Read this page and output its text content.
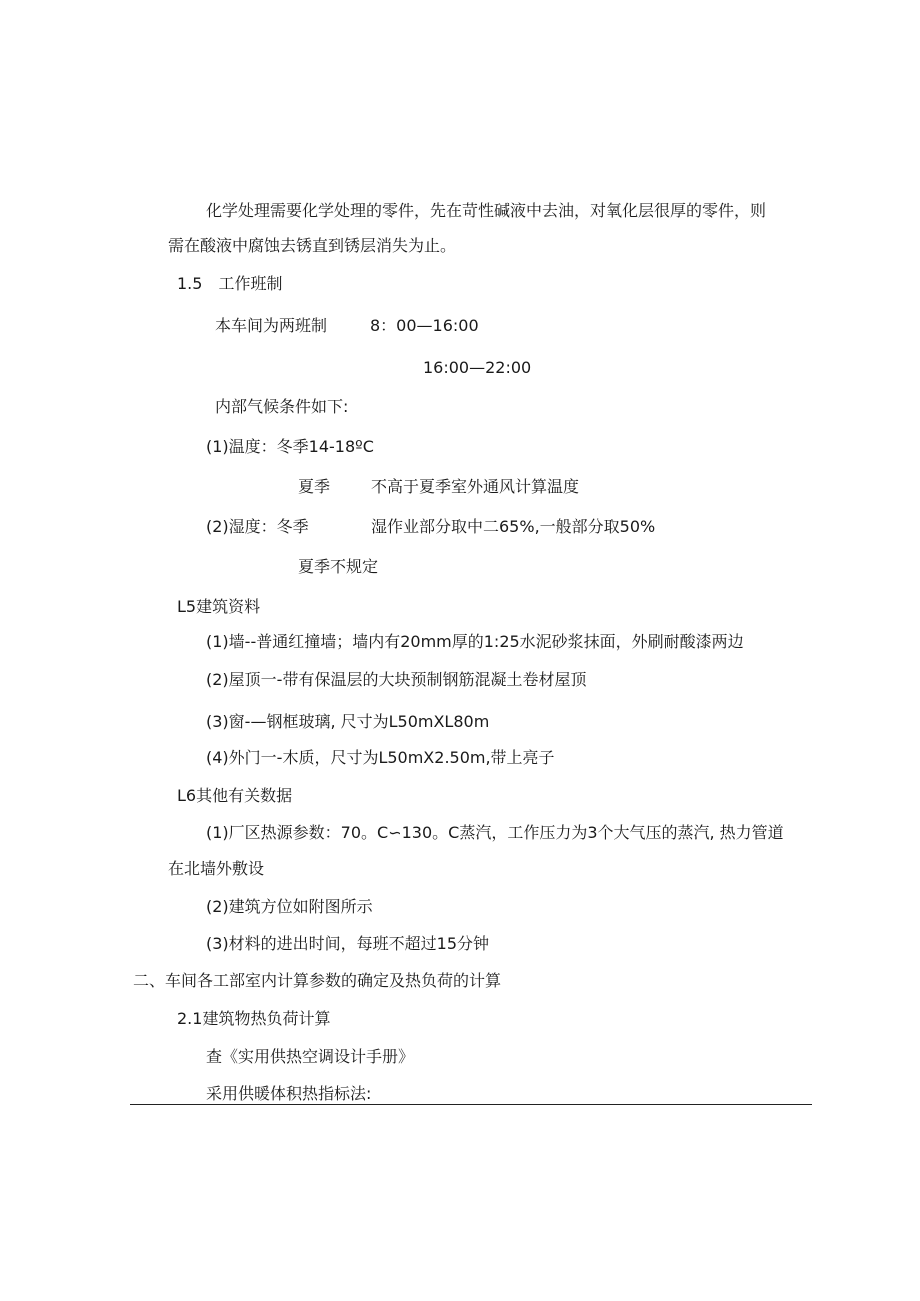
化学处理需要化学处理的零件，先在苛性碱液中去油，对氧化层很厚的零件，则
需在酸液中腐蚀去锈直到锈层消失为止。
1.5 工作班制
本车间为两班制	8：00—16:00
16:00—22:00
内部气候条件如下:
(1)温度：冬季14-18ºC
夏季	不高于夏季室外通风计算温度
(2)湿度：冬季	湿作业部分取中二65%,一般部分取50%
夏季不规定
L5建筑资料
(1)墙--普通红撞墙；墙内有20mm厚的1:25水泥砂浆抹面，外刷耐酸漆两边
(2)屋顶一-带有保温层的大块预制钢筋混凝土卷材屋顶
(3)窗-—钢框玻璃, 尺寸为L50mXL80m
(4)外门一-木质，尺寸为L50mX2.50m,带上亮子
L6其他有关数据
(1)厂区热源参数：70。C∽130。C蒸汽，工作压力为3个大气压的蒸汽, 热力管道
在北墙外敷设
(2)建筑方位如附图所示
(3)材料的进出时间，每班不超过15分钟
二、车间各工部室内计算参数的确定及热负荷的计算
2.1建筑物热负荷计算
查《实用供热空调设计手册》
采用供暖体积热指标法:
